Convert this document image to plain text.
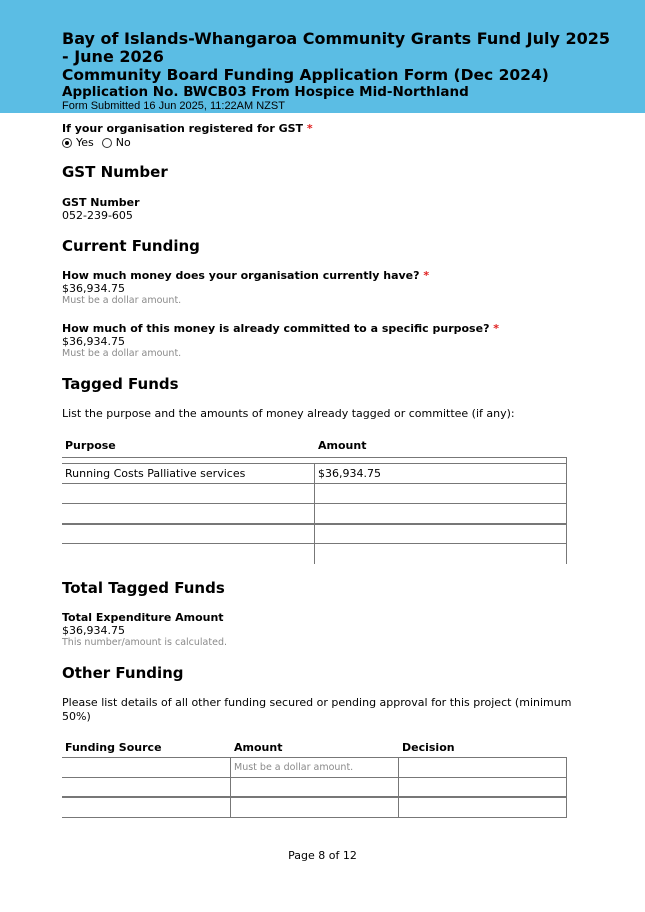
Bay of Islands-Whangaroa Community Grants Fund July 2025 - June 2026
Community Board Funding Application Form (Dec 2024)
Application No. BWCB03 From Hospice Mid-Northland
Form Submitted 16 Jun 2025, 11:22AM NZST
If your organisation registered for GST *
Yes No
GST Number
GST Number
052-239-605
Current Funding
How much money does your organisation currently have? *
$36,934.75
Must be a dollar amount.
How much of this money is already committed to a specific purpose? *
$36,934.75
Must be a dollar amount.
Tagged Funds
List the purpose and the amounts of money already tagged or committee (if any):
Purpose	Amount
Running Costs Palliative services	$36,934.75
Total Tagged Funds
Total Expenditure Amount
$36,934.75
This number/amount is calculated.
Other Funding
Please list details of all other funding secured or pending approval for this project (minimum 50%)
Funding Source	Amount	Decision
Must be a dollar amount.
Page 8 of 12
